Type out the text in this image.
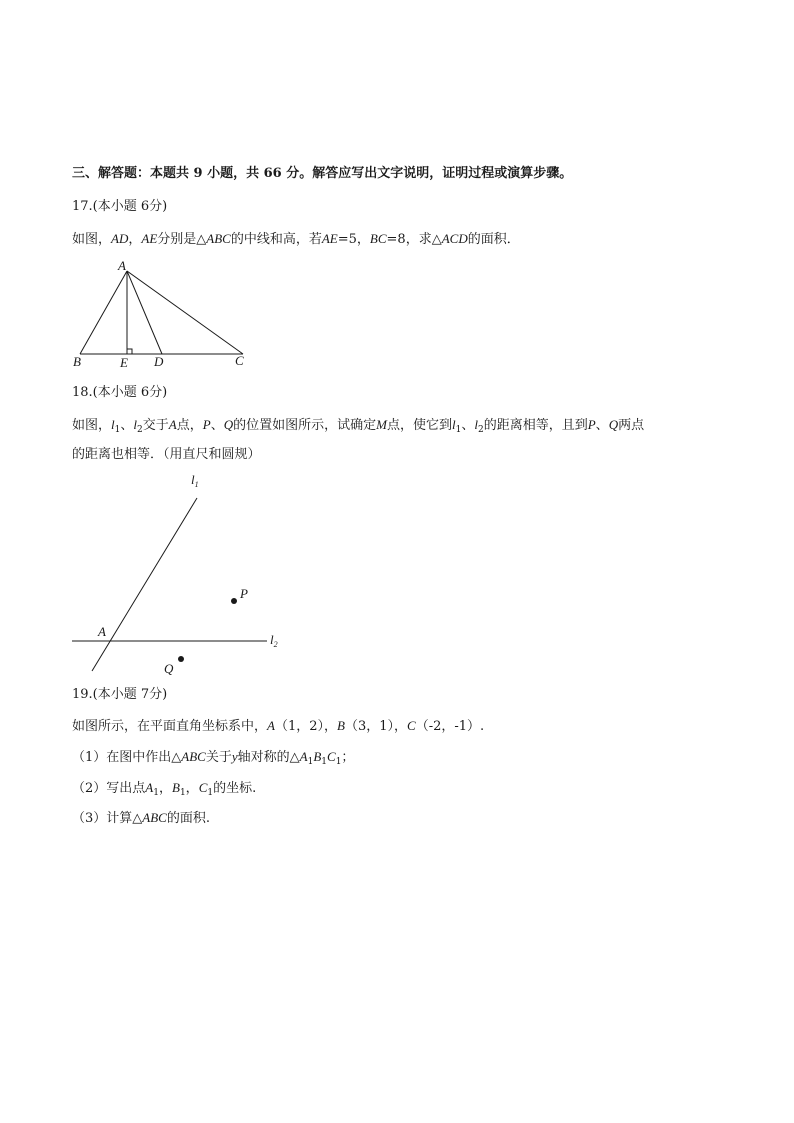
三、解答题：本题共 9 小题，共 66 分。解答应写出文字说明，证明过程或演算步骤。
17.(本小题 6分)
如图，AD，AE分别是△ABC的中线和高，若AE=5，BC=8，求△ACD的面积．
A
B	E D	C
18.(本小题 6分)
如图，$l_1$、$l_2$交于A点，P、Q的位置如图所示，试确定M点，使它到$l_1$、$l_2$的距离相等，且到P、Q两点
的距离也相等．（用直尺和圆规）
$l_1$
$l_2$
A
P
Q
19.(本小题 7分)
如图所示，在平面直角坐标系中，A（1，2），B（3，1），C（-2，-1）.
（1）在图中作出△ABC关于y轴对称的$\triangle A_1B_1C_1$；
（2）写出点$A_1$，$B_1$，$C_1$的坐标.
（3）计算△ABC的面积.
